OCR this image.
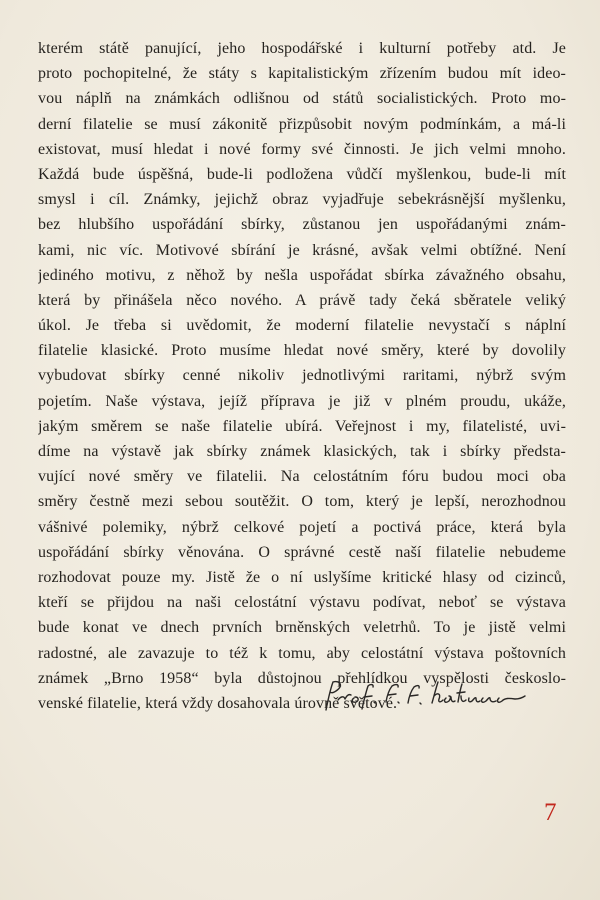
kterém státě panující, jeho hospodářské i kulturní potřeby atd. Je
proto pochopitelné, že státy s kapitalistickým zřízením budou mít ideo-
vou náplň na známkách odlišnou od států socialistických. Proto mo-
derní filatelie se musí zákonitě přizpůsobit novým podmínkám, a má-li
existovat, musí hledat i nové formy své činnosti. Je jich velmi mnoho.
Každá bude úspěšná, bude-li podložena vůdčí myšlenkou, bude-li mít
smysl i cíl. Známky, jejichž obraz vyjadřuje sebekrásnější myšlenku,
bez hlubšího uspořádání sbírky, zůstanou jen uspořádanými znám-
kami, nic víc. Motivové sbírání je krásné, avšak velmi obtížné. Není
jediného motivu, z něhož by nešla uspořádat sbírka závažného obsahu,
která by přinášela něco nového. A právě tady čeká sběratele veliký
úkol. Je třeba si uvědomit, že moderní filatelie nevystačí s náplní
filatelie klasické. Proto musíme hledat nové směry, které by dovolily
vybudovat sbírky cenné nikoliv jednotlivými raritami, nýbrž svým
pojetím. Naše výstava, jejíž příprava je již v plném proudu, ukáže,
jakým směrem se naše filatelie ubírá. Veřejnost i my, filatelisté, uvi-
díme na výstavě jak sbírky známek klasických, tak i sbírky předsta-
vující nové směry ve filatelii. Na celostátním fóru budou moci oba
směry čestně mezi sebou soutěžit. O tom, který je lepší, nerozhodnou
vášnivé polemiky, nýbrž celkové pojetí a poctivá práce, která byla
uspořádání sbírky věnována. O správné cestě naší filatelie nebudeme
rozhodovat pouze my. Jistě že o ní uslyšíme kritické hlasy od cizinců,
kteří se přijdou na naši celostátní výstavu podívat, neboť se výstava
bude konat ve dnech prvních brněnských veletrhů. To je jistě velmi
radostné, ale zavazuje to též k tomu, aby celostátní výstava poštovních
známek „Brno 1958“ byla důstojnou přehlídkou vyspělosti českoslo-
venské filatelie, která vždy dosahovala úrovně světové.
7
